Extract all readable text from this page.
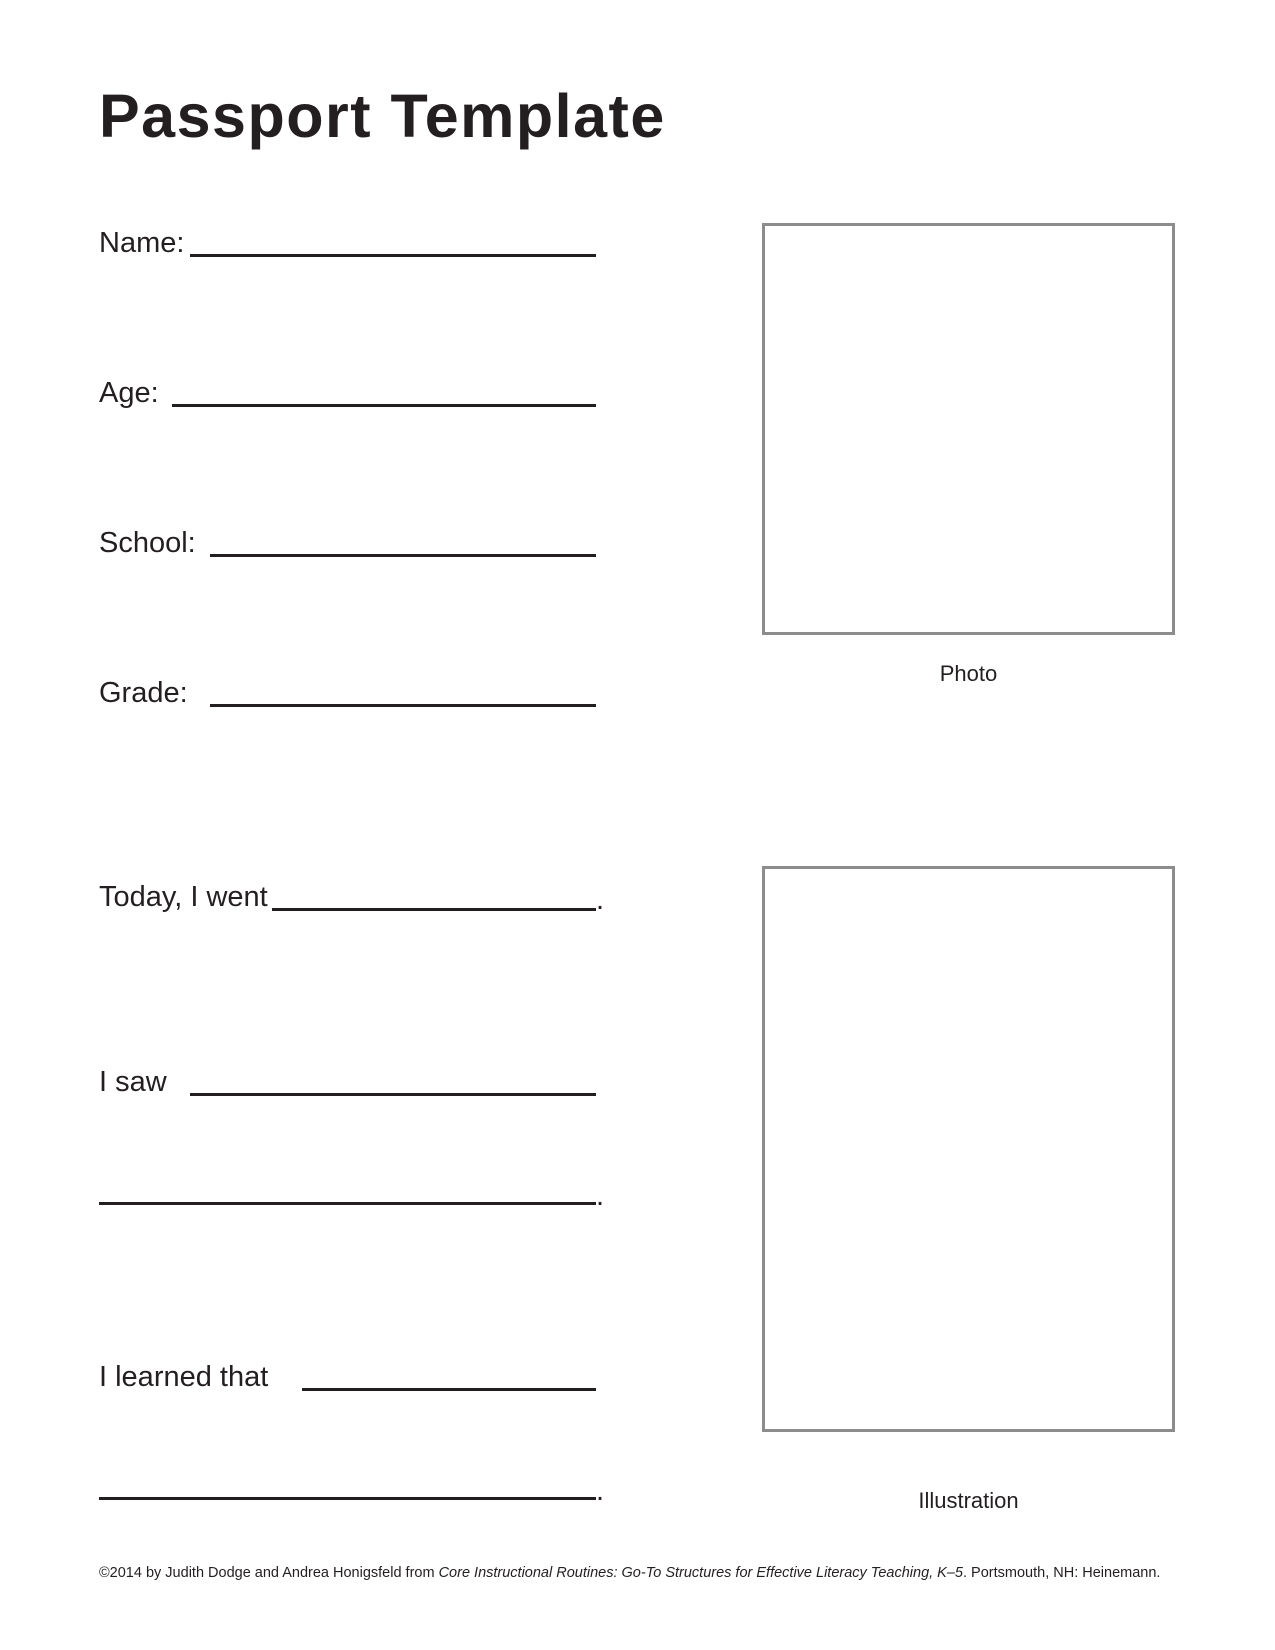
Passport Template
Name:
Age:
School:
Grade:
Today, I went	.
I saw
.
I learned that
.
Photo
Illustration
©2014 by Judith Dodge and Andrea Honigsfeld from Core Instructional Routines: Go-To Structures for Effective Literacy Teaching, K–5. Portsmouth, NH: Heinemann.
